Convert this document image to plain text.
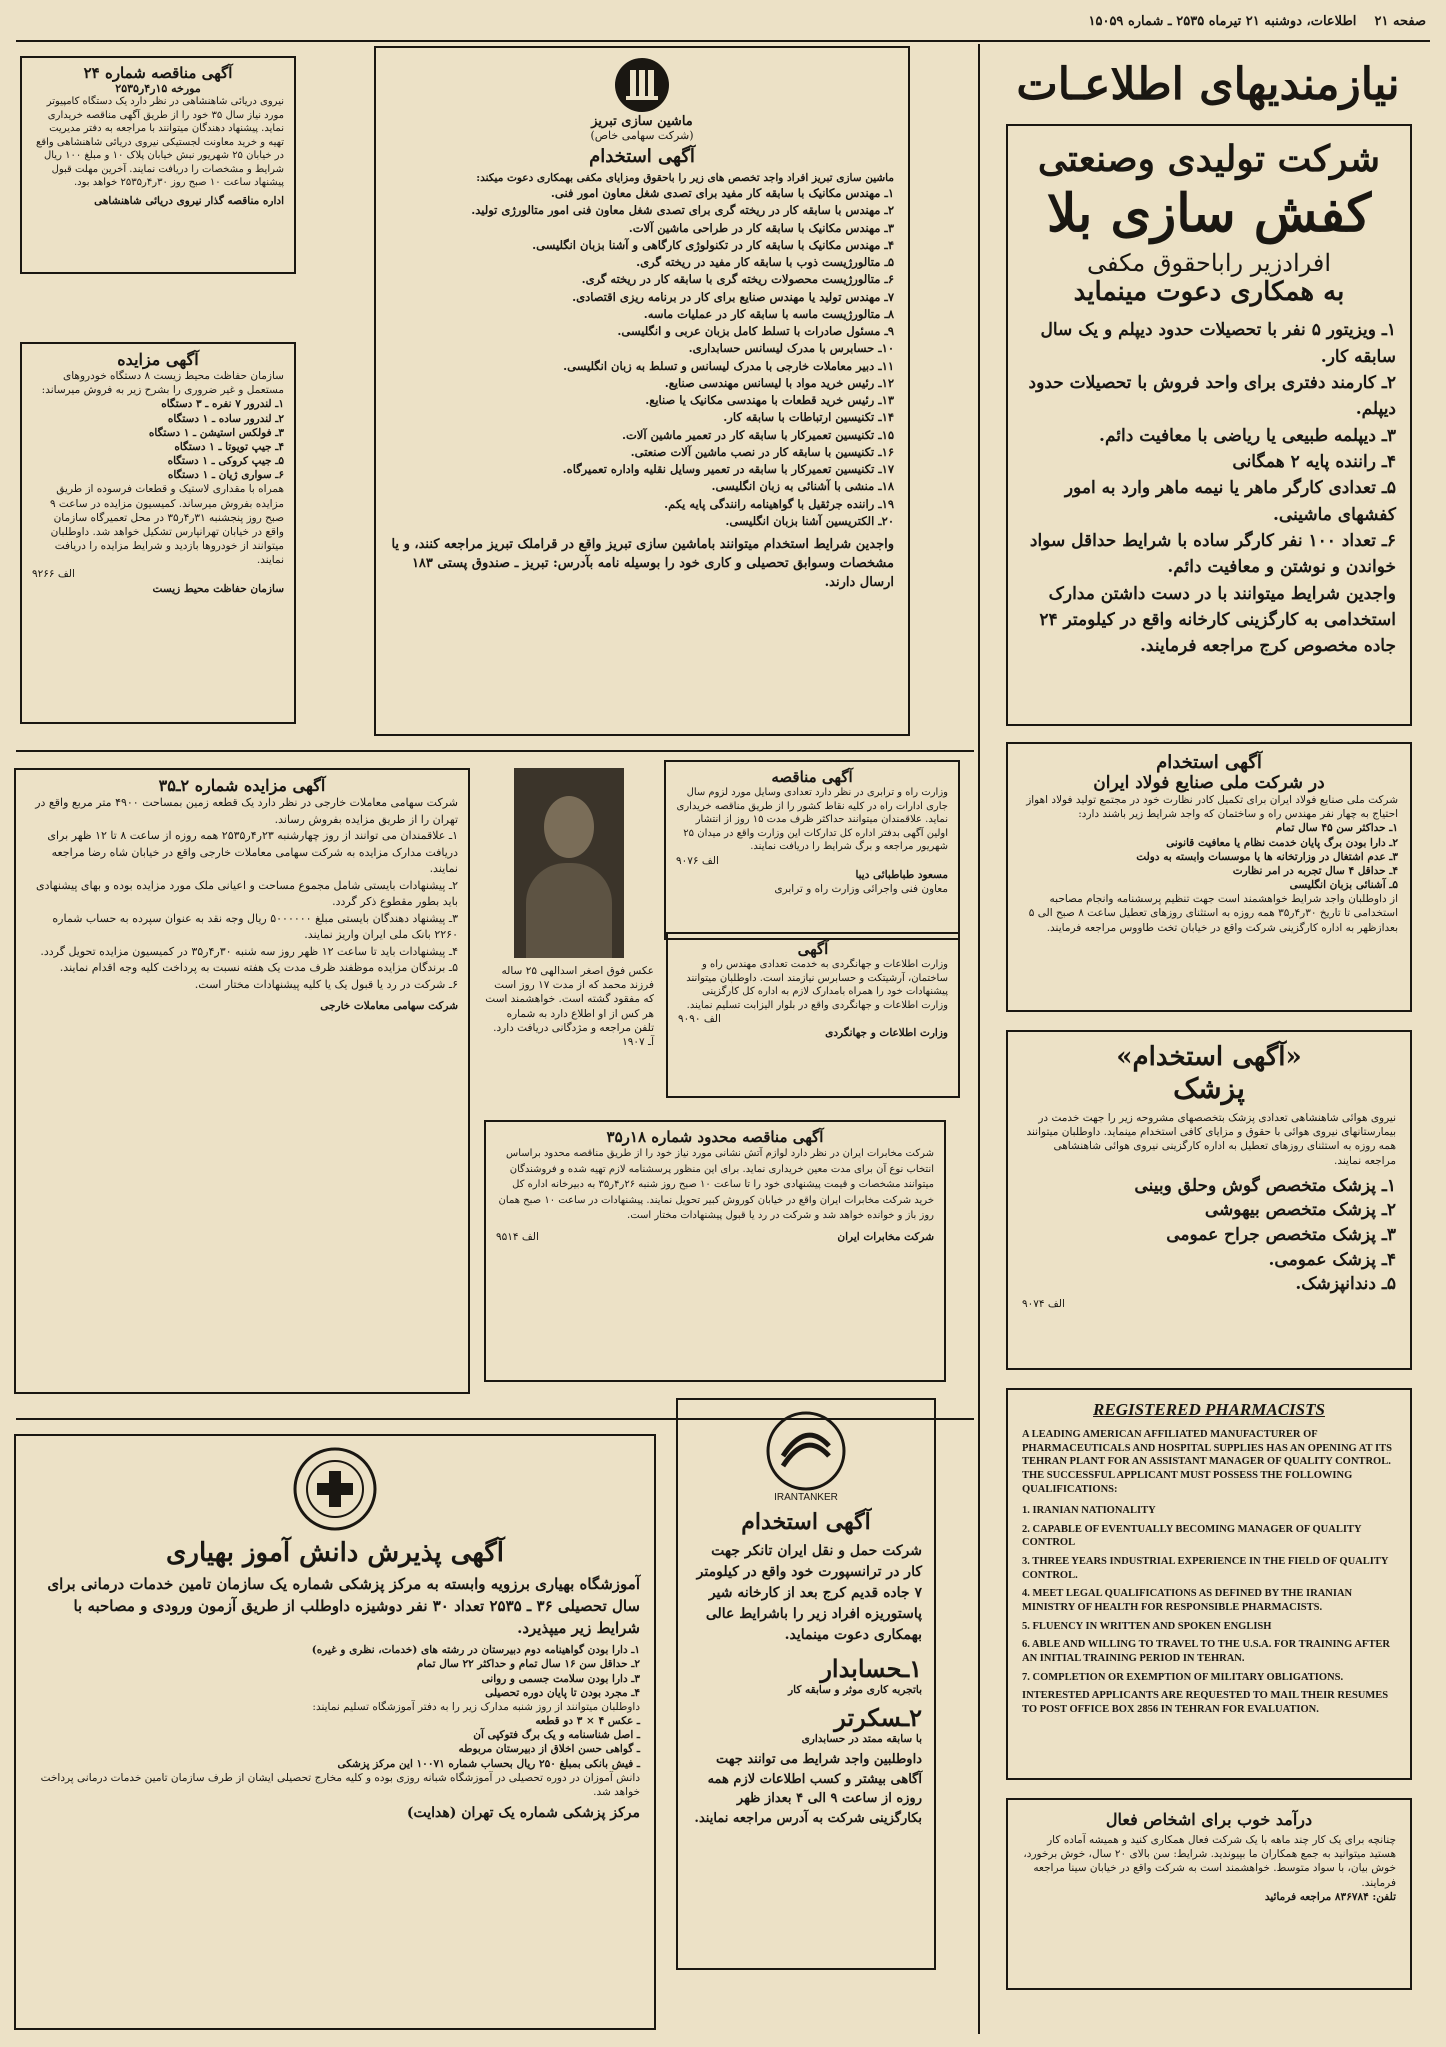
صفحه ۲۱    اطلاعات، دوشنبه ۲۱ تیرماه ۲۵۳۵ ـ شماره ۱۵۰۵۹
نیازمندیهای اطلاعـات
شرکت تولیدی وصنعتی
کفش سازی بلا
افرادزیر راباحقوق مکفی
به همکاری دعوت مینماید

۱ـ ویزیتور ۵ نفر با تحصیلات حدود دیپلم و یک سال سابقه کار.

۲ـ کارمند دفتری برای واحد فروش با تحصیلات حدود دیپلم.

۳ـ دیپلمه طبیعی یا ریاضی با معافیت دائم.

۴ـ راننده پایه ۲ همگانی

۵ـ تعدادی کارگر ماهر یا نیمه ماهر وارد به امور کفشهای ماشینی.

۶ـ تعداد ۱۰۰ نفر کارگر ساده با شرایط حداقل سواد خواندن و نوشتن و معافیت دائم.

واجدین شرایط میتوانند با در دست داشتن مدارک استخدامی به کارگزینی کارخانه واقع در کیلومتر ۲۴ جاده مخصوص کرج مراجعه فرمایند.

آگهی استخدام
در شرکت ملی صنایع فولاد ایران
شرکت ملی صنایع فولاد ایران برای تکمیل کادر نظارت خود در مجتمع تولید فولاد اهواز احتیاج به چهار نفر مهندس راه و ساختمان که واجد شرایط زیر باشند دارد:

۱ـ حداکثر سن ۴۵ سال تمام

۲ـ دارا بودن برگ پایان خدمت نظام یا معافیت قانونی

۳ـ عدم اشتغال در وزارتخانه ها یا موسسات وابسته به دولت

۴ـ حداقل ۴ سال تجربه در امر نظارت

۵ـ آشنائی بزبان انگلیسی

از داوطلبان واجد شرایط خواهشمند است جهت تنظیم پرسشنامه وانجام مصاحبه استخدامی تا تاریخ ۳۰ر۴ر۳۵ همه روزه به استثنای روزهای تعطیل ساعت ۸ صبح الی ۵ بعدازظهر به اداره کارگزینی شرکت واقع در خیابان تخت طاووس مراجعه فرمایند.
«آگهی استخدام»
پزشک
نیروی هوائی شاهنشاهی تعدادی پزشک بتخصصهای مشروحه زیر را جهت خدمت در بیمارستانهای نیروی هوائی با حقوق و مزایای کافی استخدام مینماید. داوطلبان میتوانند همه روزه به استثنای روزهای تعطیل به اداره کارگزینی نیروی هوائی شاهنشاهی مراجعه نمایند.

۱ـ پزشک متخصص گوش وحلق وبینی

۲ـ پزشک متخصص بیهوشی

۳ـ پزشک متخصص جراح عمومی

۴ـ پزشک عمومی.

۵ـ دندانپزشک.

الف ۹۰۷۴
REGISTERED PHARMACISTS
A LEADING AMERICAN AFFILIATED MANUFACTURER OF PHARMACEUTICALS AND HOSPITAL SUPPLIES HAS AN OPENING AT ITS TEHRAN PLANT FOR AN ASSISTANT MANAGER OF QUALITY CONTROL. THE SUCCESSFUL APPLICANT MUST POSSESS THE FOLLOWING QUALIFICATIONS:

1. IRANIAN NATIONALITY

2. CAPABLE OF EVENTUALLY BECOMING MANAGER OF QUALITY CONTROL

3. THREE YEARS INDUSTRIAL EXPERIENCE IN THE FIELD OF QUALITY CONTROL.

4. MEET LEGAL QUALIFICATIONS AS DEFINED BY THE IRANIAN MINISTRY OF HEALTH FOR RESPONSIBLE PHARMACISTS.

5. FLUENCY IN WRITTEN AND SPOKEN ENGLISH

6. ABLE AND WILLING TO TRAVEL TO THE U.S.A. FOR TRAINING AFTER AN INITIAL TRAINING PERIOD IN TEHRAN.

7. COMPLETION OR EXEMPTION OF MILITARY OBLIGATIONS.

INTERESTED APPLICANTS ARE REQUESTED TO MAIL THEIR RESUMES TO POST OFFICE BOX 2856 IN TEHRAN FOR EVALUATION.
درآمد خوب برای اشخاص فعال
چنانچه برای یک کار چند ماهه با یک شرکت فعال همکاری کنید و همیشه آماده کار هستید میتوانید به جمع همکاران ما بپیوندید. شرایط: سن بالای ۲۰ سال، خوش برخورد، خوش بیان، با سواد متوسط. خواهشمند است به شرکت واقع در خیابان سینا مراجعه فرمایند.
تلفن: ۸۳۶۷۸۴ مراجعه فرمائید
آگهی مناقصه شماره ۲۴
مورخه ۱۵ر۴ر۲۵۳۵
نیروی دریائی شاهنشاهی در نظر دارد یک دستگاه کامپیوتر مورد نیاز سال ۳۵ خود را از طریق آگهی مناقصه خریداری نماید. پیشنهاد دهندگان میتوانند با مراجعه به دفتر مدیریت تهیه و خرید معاونت لجستیکی نیروی دریائی شاهنشاهی واقع در خیابان ۲۵ شهریور نبش خیابان پلاک ۱۰ و مبلغ ۱۰۰ ریال شرایط و مشخصات را دریافت نمایند. آخرین مهلت قبول پیشنهاد ساعت ۱۰ صبح روز ۳۰ر۴ر۲۵۳۵ خواهد بود.
اداره مناقصه گذار نیروی دریائی شاهنشاهی
آگهی مزایده
سازمان حفاظت محیط زیست ۸ دستگاه خودروهای مستعمل و غیر ضروری را بشرح زیر به فروش میرساند:

۱ـ لندرور ۷ نفره ـ ۳ دستگاه

۲ـ لندرور ساده ـ ۱ دستگاه

۳ـ فولکس استیشن ـ ۱ دستگاه

۴ـ جیپ تویوتا ـ ۱ دستگاه

۵ـ جیپ کروکی ـ ۱ دستگاه

۶ـ سواری ژیان ـ ۱ دستگاه

همراه با مقداری لاستیک و قطعات فرسوده از طریق مزایده بفروش میرساند. کمیسیون مزایده در ساعت ۹ صبح روز پنجشنبه ۳۱ر۴ر۳۵ در محل تعمیرگاه سازمان واقع در خیابان تهرانپارس تشکیل خواهد شد. داوطلبان میتوانند از خودروها بازدید و شرایط مزایده را دریافت نمایند.
الف ۹۲۶۶
سازمان حفاظت محیط زیست
ماشین سازی تبریز
(شرکت سهامی خاص)
آگهی استخدام
ماشین سازی تبریز افراد واجد تخصص های زیر را باحقوق ومزایای مکفی بهمکاری دعوت میکند:

۱ـ مهندس مکانیک با سابقه کار مفید برای تصدی شغل معاون امور فنی.

۲ـ مهندس با سابقه کار در ریخته گری برای تصدی شغل معاون فنی امور متالورژی تولید.

۳ـ مهندس مکانیک با سابقه کار در طراحی ماشین آلات.

۴ـ مهندس مکانیک با سابقه کار در تکنولوژی کارگاهی و آشنا بزبان انگلیسی.

۵ـ متالورژیست ذوب با سابقه کار مفید در ریخته گری.

۶ـ متالورژیست محصولات ریخته گری با سابقه کار در ریخته گری.

۷ـ مهندس تولید یا مهندس صنایع برای کار در برنامه ریزی اقتصادی.

۸ـ متالورژیست ماسه با سابقه کار در عملیات ماسه.

۹ـ مسئول صادرات با تسلط کامل بزبان عربی و انگلیسی.

۱۰ـ حسابرس با مدرک لیسانس حسابداری.

۱۱ـ دبیر معاملات خارجی با مدرک لیسانس و تسلط به زبان انگلیسی.

۱۲ـ رئیس خرید مواد با لیسانس مهندسی صنایع.

۱۳ـ رئیس خرید قطعات با مهندسی مکانیک یا صنایع.

۱۴ـ تکنیسین ارتباطات با سابقه کار.

۱۵ـ تکنیسین تعمیرکار با سابقه کار در تعمیر ماشین آلات.

۱۶ـ تکنیسین با سابقه کار در نصب ماشین آلات صنعتی.

۱۷ـ تکنیسین تعمیرکار با سابقه در تعمیر وسایل نقلیه واداره تعمیرگاه.

۱۸ـ منشی با آشنائی به زبان انگلیسی.

۱۹ـ راننده جرثقیل با گواهینامه رانندگی پایه یکم.

۲۰ـ الکتریسین آشنا بزبان انگلیسی.

واجدین شرایط استخدام میتوانند باماشین سازی تبریز واقع در قراملک تبریز مراجعه کنند، و یا مشخصات وسوابق تحصیلی و کاری خود را بوسیله نامه بآدرس: تبریز ـ صندوق پستی ۱۸۳ ارسال دارند.
آگهی مزایده شماره ۲ـ۳۵

شرکت سهامی معاملات خارجی در نظر دارد یک قطعه زمین بمساحت ۴۹۰۰ متر مربع واقع در تهران را از طریق مزایده بفروش رساند.

۱ـ علاقمندان می توانند از روز چهارشنبه ۲۳ر۴ر۲۵۳۵ همه روزه از ساعت ۸ تا ۱۲ ظهر برای دریافت مدارک مزایده به شرکت سهامی معاملات خارجی واقع در خیابان شاه رضا مراجعه نمایند.

۲ـ پیشنهادات بایستی شامل مجموع مساحت و اعیانی ملک مورد مزایده بوده و بهای پیشنهادی باید بطور مقطوع ذکر گردد.

۳ـ پیشنهاد دهندگان بایستی مبلغ ۵۰۰۰۰۰۰ ریال وجه نقد به عنوان سپرده به حساب شماره ۲۲۶۰ بانک ملی ایران واریز نمایند.

۴ـ پیشنهادات باید تا ساعت ۱۲ ظهر روز سه شنبه ۳۰ر۴ر۳۵ در کمیسیون مزایده تحویل گردد.

۵ـ برندگان مزایده موظفند ظرف مدت یک هفته نسبت به پرداخت کلیه وجه اقدام نمایند.

۶ـ شرکت در رد یا قبول یک یا کلیه پیشنهادات مختار است.

شرکت سهامی معاملات خارجی
عکس فوق اصغر اسدالهی ۲۵ ساله فرزند محمد که از مدت ۱۷ روز است که مفقود گشته است. خواهشمند است هر کس از او اطلاع دارد به شماره تلفن مراجعه و مژدگانی دریافت دارد.
آـ ۱۹۰۷
آگهی مناقصه
وزارت راه و ترابری در نظر دارد تعدادی وسایل مورد لزوم سال جاری ادارات راه در کلیه نقاط کشور را از طریق مناقصه خریداری نماید. علاقمندان میتوانند حداکثر ظرف مدت ۱۵ روز از انتشار اولین آگهی بدفتر اداره کل تدارکات این وزارت واقع در میدان ۲۵ شهریور مراجعه و برگ شرایط را دریافت نمایند.
الف ۹۰۷۶
مسعود طباطبائی دیبا
معاون فنی واجرائی وزارت راه و ترابری
آگهی
وزارت اطلاعات و جهانگردی به خدمت تعدادی مهندس راه و ساختمان، آرشیتکت و حسابرس نیازمند است. داوطلبان میتوانند پیشنهادات خود را همراه بامدارک لازم به اداره کل کارگزینی وزارت اطلاعات و جهانگردی واقع در بلوار الیزابت تسلیم نمایند.
الف ۹۰۹۰
وزارت اطلاعات و جهانگردی
آگهی مناقصه محدود شماره ۱۸ر۳۵
شرکت مخابرات ایران در نظر دارد لوازم آتش نشانی مورد نیاز خود را از طریق مناقصه محدود براساس انتخاب نوع آن برای مدت معین خریداری نماید. برای این منظور پرسشنامه لازم تهیه شده و فروشندگان میتوانند مشخصات و قیمت پیشنهادی خود را تا ساعت ۱۰ صبح روز شنبه ۲۶ر۴ر۳۵ به دبیرخانه اداره کل خرید شرکت مخابرات ایران واقع در خیابان کوروش کبیر تحویل نمایند. پیشنهادات در ساعت ۱۰ صبح همان روز باز و خوانده خواهد شد و شرکت در رد یا قبول پیشنهادات مختار است.
شرکت مخابرات ایران
الف ۹۵۱۴
آگهی پذیرش دانش آموز بهیاری
آموزشگاه بهیاری برزویه وابسته به مرکز پزشکی شماره یک سازمان تامین خدمات درمانی برای سال تحصیلی ۳۶ ـ ۲۵۳۵ تعداد ۳۰ نفر دوشیزه داوطلب از طریق آزمون ورودی و مصاحبه با شرایط زیر میپذیرد.

۱ـ دارا بودن گواهینامه دوم دبیرستان در رشته های (خدمات، نظری و غیره)

۲ـ حداقل سن ۱۶ سال تمام و حداکثر ۲۲ سال تمام

۳ـ دارا بودن سلامت جسمی و روانی

۴ـ مجرد بودن تا پایان دوره تحصیلی

داوطلبان میتوانند از روز شنبه مدارک زیر را به دفتر آموزشگاه تسلیم نمایند:

ـ عکس ۴ × ۳ دو قطعه

ـ اصل شناسنامه و یک برگ فتوکپی آن

ـ گواهی حسن اخلاق از دبیرستان مربوطه

ـ فیش بانکی بمبلغ ۲۵۰ ریال بحساب شماره ۱۰۰۷۱ این مرکز پزشکی

دانش آموزان در دوره تحصیلی در آموزشگاه شبانه روزی بوده و کلیه مخارج تحصیلی ایشان از طرف سازمان تامین خدمات درمانی پرداخت خواهد شد.
مرکز پزشکی شماره یک تهران (هدایت)
IRANTANKER
آگهی استخدام
شرکت حمل و نقل ایران تانکر جهت کار در ترانسپورت خود واقع در کیلومتر ۷ جاده قدیم کرج بعد از کارخانه شیر پاستوریزه افراد زیر را باشرایط عالی بهمکاری دعوت مینماید.
۱ـحسابدار
باتجربه کاری موثر و سابقه کار
۲ـسکرتر
با سابقه ممتد در حسابداری
داوطلبین واجد شرایط می توانند جهت آگاهی بیشتر و کسب اطلاعات لازم همه روزه از ساعت ۹ الی ۴ بعداز ظهر بکارگزینی شرکت به آدرس مراجعه نمایند.
